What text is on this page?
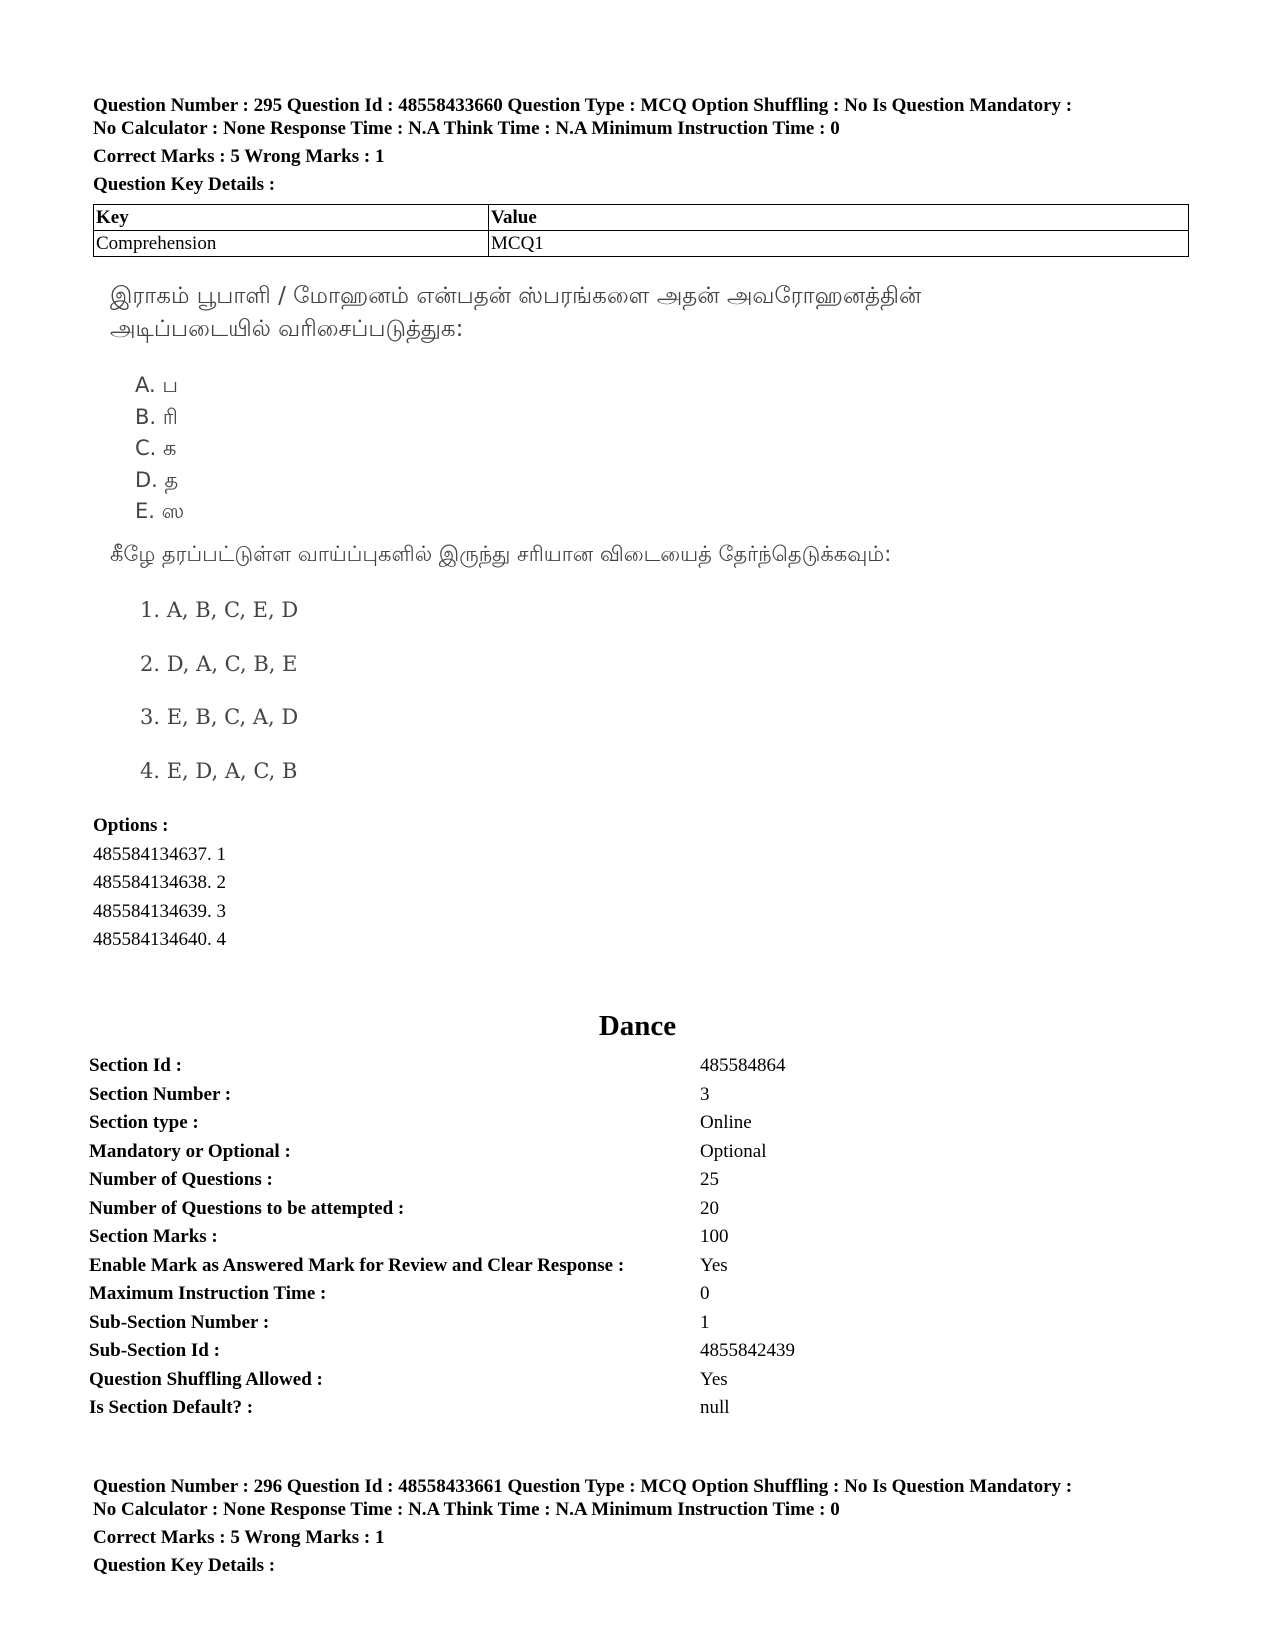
Question Number : 295 Question Id : 48558433660 Question Type : MCQ Option Shuffling : No Is Question Mandatory :
No Calculator : None Response Time : N.A Think Time : N.A Minimum Instruction Time : 0
Correct Marks : 5 Wrong Marks : 1
Question Key Details :
Key	Value
Comprehension	MCQ1
இராகம் பூபாளி / மோஹனம் என்பதன் ஸ்பரங்களை அதன் அவரோஹனத்தின்
அடிப்படையில் வரிசைப்படுத்துக:
A. ப
B. ரி
C. க
D. த
E. ஸ
கீழே தரப்பட்டுள்ள வாய்ப்புகளில் இருந்து சரியான விடையைத் தேர்ந்தெடுக்கவும்:
1. A, B, C, E, D
2. D, A, C, B, E
3. E, B, C, A, D
4. E, D, A, C, B
Options :
485584134637. 1
485584134638. 2
485584134639. 3
485584134640. 4
Dance
Section Id :	485584864
Section Number :	3
Section type :	Online
Mandatory or Optional :	Optional
Number of Questions :	25
Number of Questions to be attempted :	20
Section Marks :	100
Enable Mark as Answered Mark for Review and Clear Response :	Yes
Maximum Instruction Time :	0
Sub-Section Number :	1
Sub-Section Id :	4855842439
Question Shuffling Allowed :	Yes
Is Section Default? :	null
Question Number : 296 Question Id : 48558433661 Question Type : MCQ Option Shuffling : No Is Question Mandatory :
No Calculator : None Response Time : N.A Think Time : N.A Minimum Instruction Time : 0
Correct Marks : 5 Wrong Marks : 1
Question Key Details :
